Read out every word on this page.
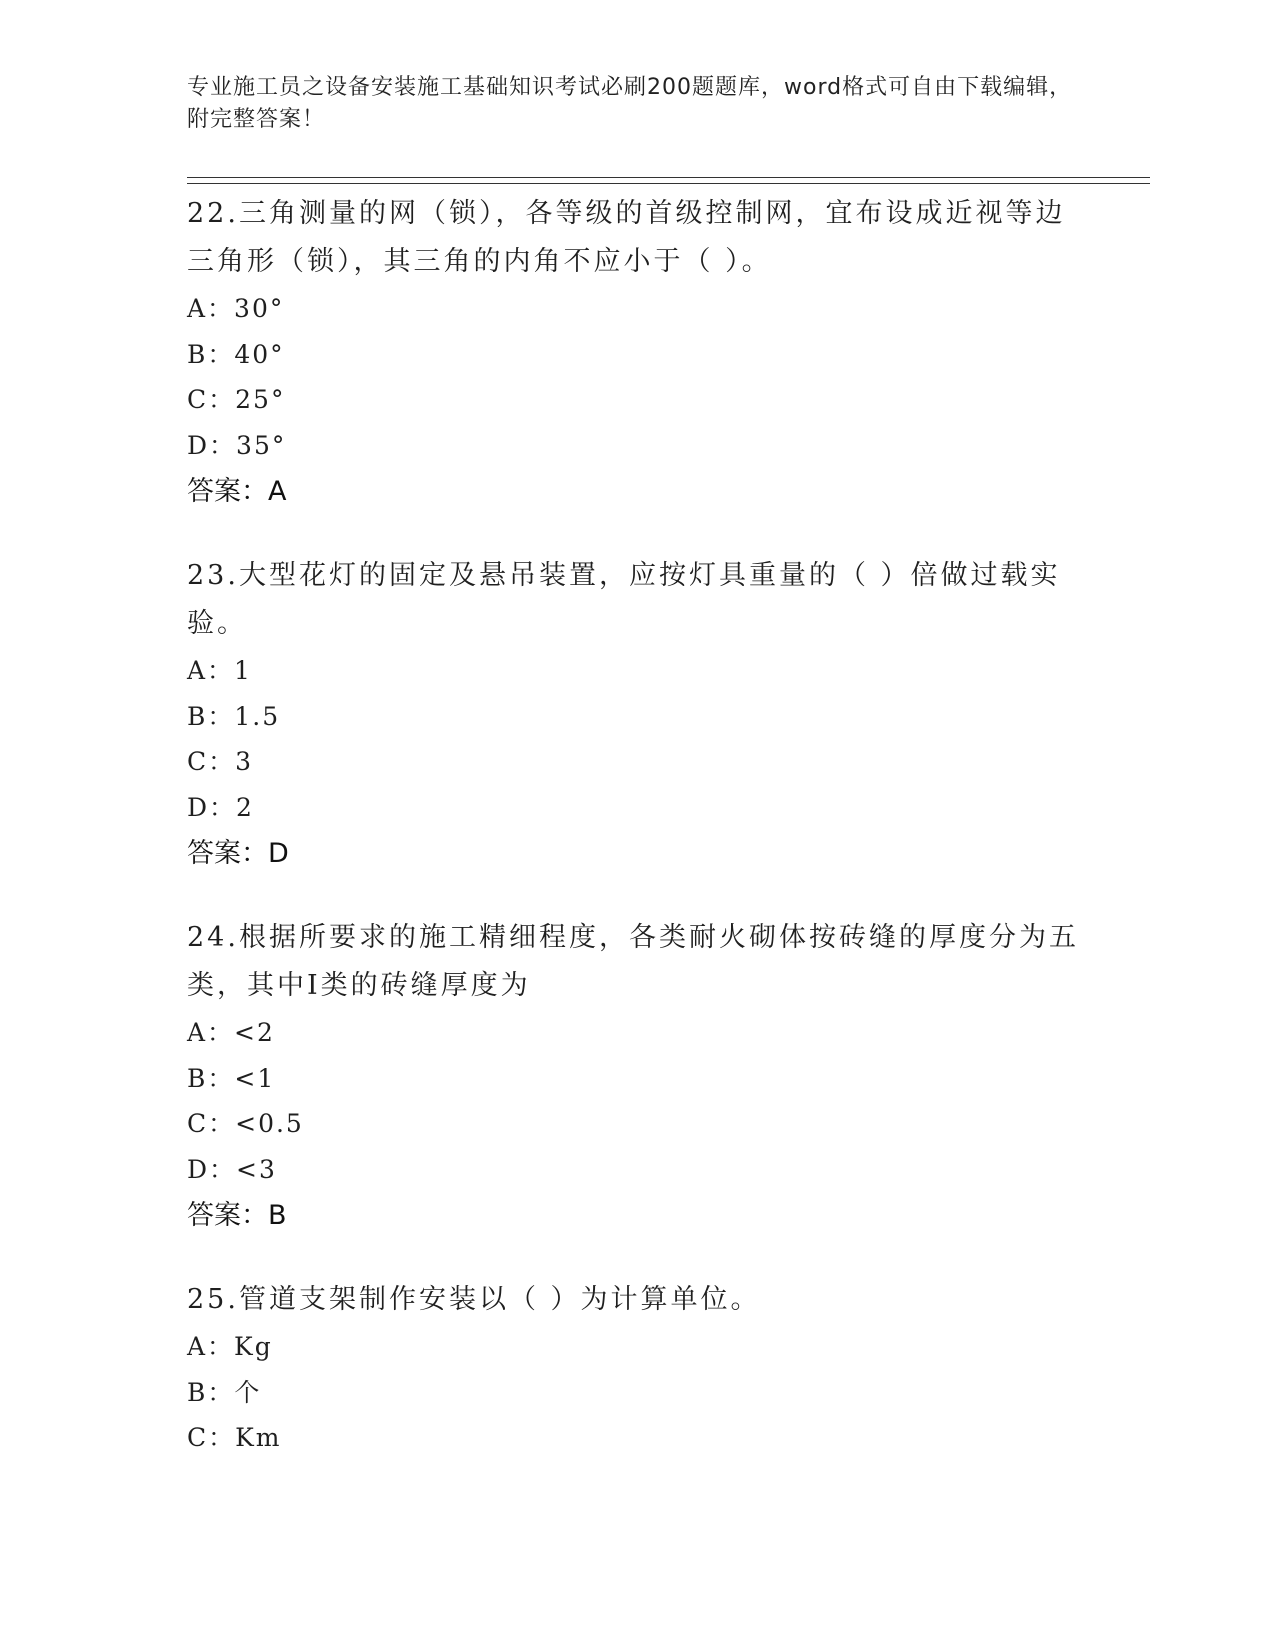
专业施工员之设备安装施工基础知识考试必刷200题题库，word格式可自由下载编辑，附完整答案！
22.三角测量的网（锁），各等级的首级控制网，宜布设成近视等边三角形（锁），其三角的内角不应小于（ ）。
A：30°
B：40°
C：25°
D：35°
答案：A
23.大型花灯的固定及悬吊装置，应按灯具重量的（ ）倍做过载实验。
A：1
B：1.5
C：3
D：2
答案：D
24.根据所要求的施工精细程度，各类耐火砌体按砖缝的厚度分为五类，其中Ⅰ类的砖缝厚度为
A：<2
B：<1
C：<0.5
D：<3
答案：B
25.管道支架制作安装以（ ）为计算单位。
A：Kg
B：个
C：Km
